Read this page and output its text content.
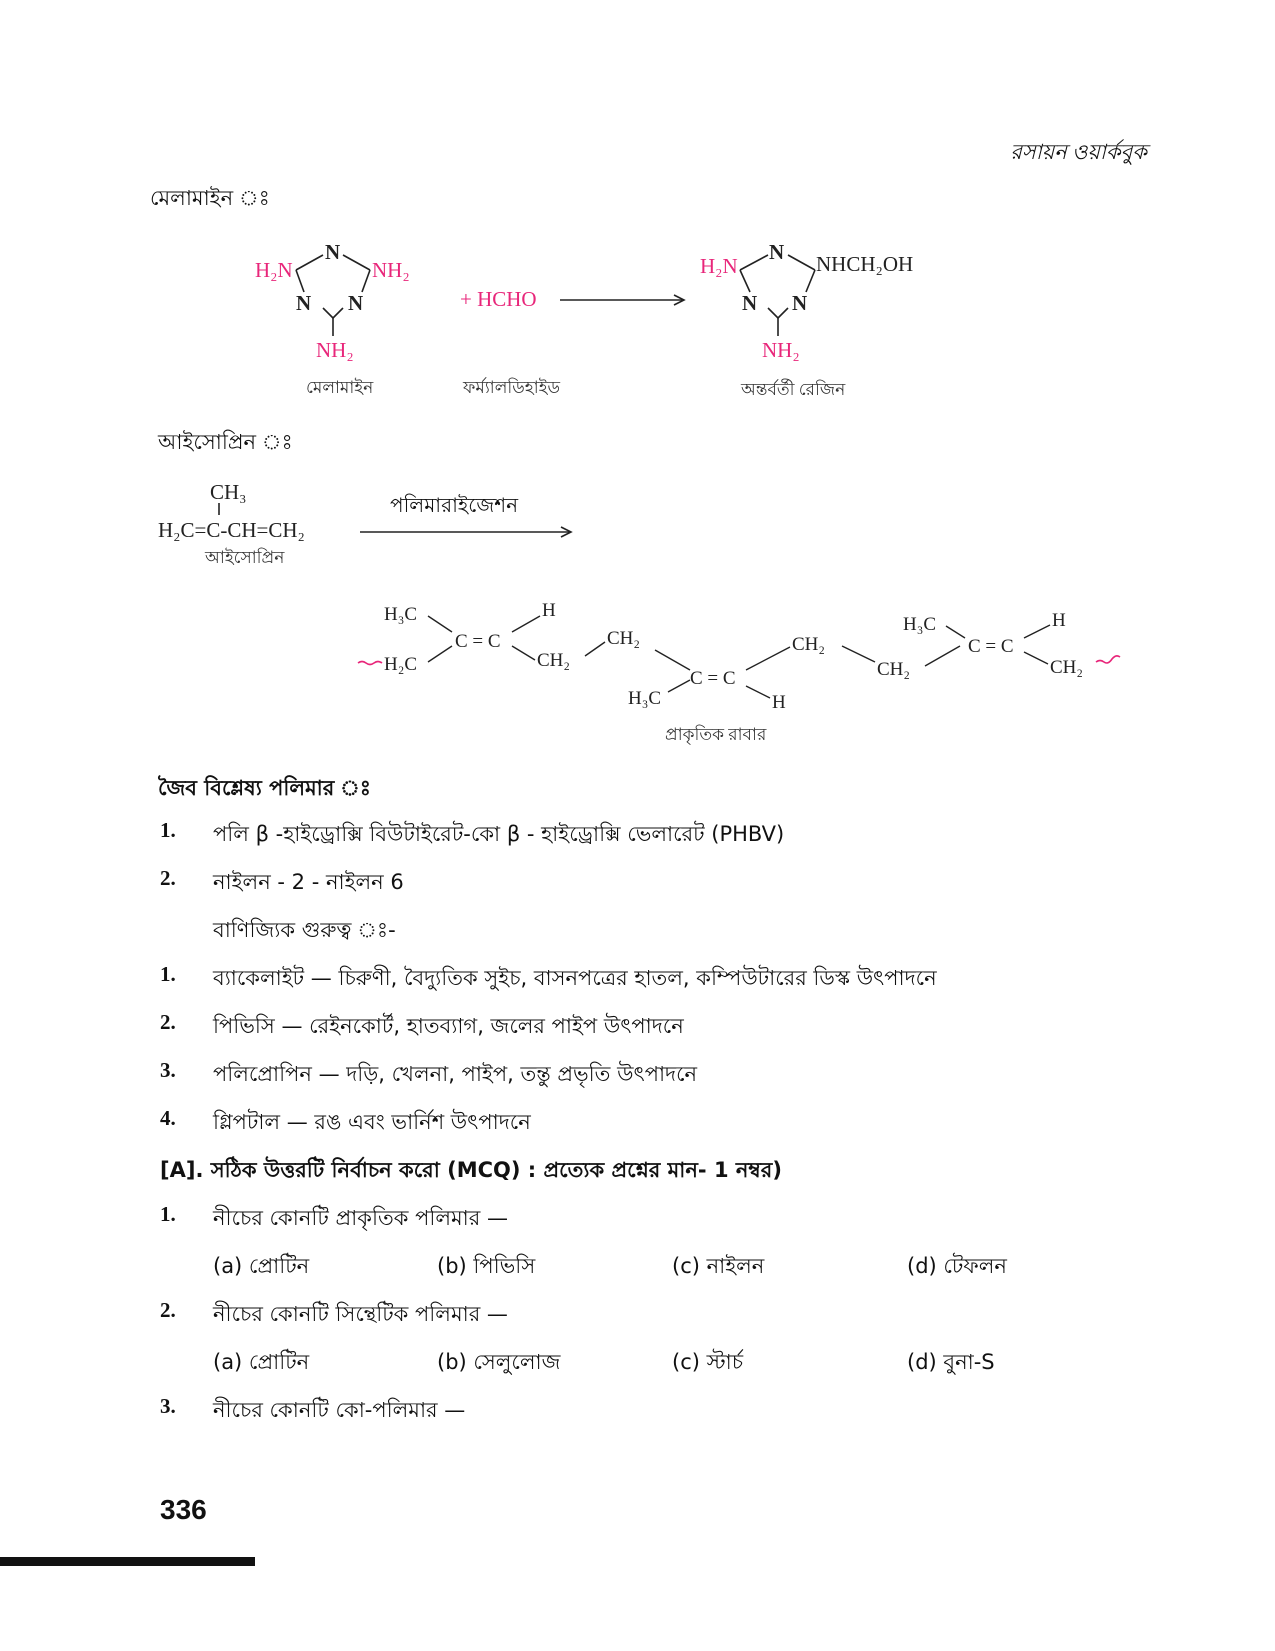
রসায়ন ওয়ার্কবুক
মেলামাইন ঃ
H₂N
N
NH₂
N N
NH₂
মেলামাইন
+ HCHO
ফর্ম্যালডিহাইড
H₂N
N NHCH₂OH
N N
NH₂
অন্তর্বর্তী রেজিন
আইসোপ্রিন ঃ
CH₃
H₂C=C-CH=CH₂
আইসোপ্রিন
পলিমারাইজেশন
H₃C
H₂C
C = C
H
CH₂
CH₂
C = C
H₃C	H
CH₂
CH₂
H₃C
C = C
H
CH₂
প্রাকৃতিক রাবার
জৈব বিশ্লেষ্য পলিমার ঃ
1. পলি β -হাইড্রোক্সি বিউটাইরেট-কো β - হাইড্রোক্সি ভেলারেট (PHBV)
2. নাইলন - 2 - নাইলন 6
বাণিজ্যিক গুরুত্ব ঃ-
1. ব্যাকেলাইট — চিরুণী, বৈদ্যুতিক সুইচ, বাসনপত্রের হাতল, কম্পিউটারের ডিস্ক উৎপাদনে
2. পিভিসি — রেইনকোর্ট, হাতব্যাগ, জলের পাইপ উৎপাদনে
3. পলিপ্রোপিন — দড়ি, খেলনা, পাইপ, তন্তু প্রভৃতি উৎপাদনে
4. গ্লিপটাল — রঙ এবং ভার্নিশ উৎপাদনে
[A]. সঠিক উত্তরটি নির্বাচন করো (MCQ) : প্রত্যেক প্রশ্নের মান- 1 নম্বর)
1. নীচের কোনটি প্রাকৃতিক পলিমার —
(a) প্রোটিন	(b) পিভিসি	(c) নাইলন	(d) টেফলন
2. নীচের কোনটি সিন্থেটিক পলিমার —
(a) প্রোটিন	(b) সেলুলোজ	(c) স্টার্চ	(d) বুনা-S
3. নীচের কোনটি কো-পলিমার —
336
